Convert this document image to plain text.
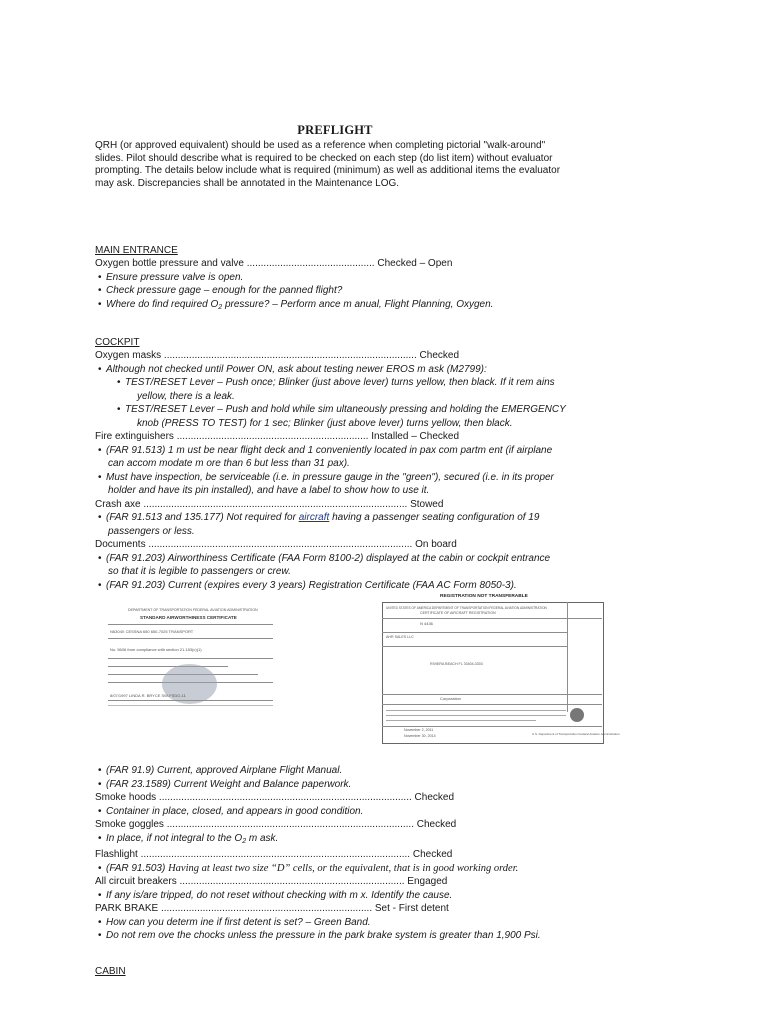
PREFLIGHT

QRH (or approved equivalent) should be used as a reference when completing pictorial "walk-around"

slides. Pilot should describe what is required to be checked on each step (do list item) without evaluator

prompting. The details below include what is required (minimum) as well as additional items the evaluator

may ask. Discrepancies shall be annotated in the Maintenance LOG.

MAIN ENTRANCE
Oxygen bottle pressure and valve .............................................. Checked – Open
• Ensure pressure valve is open.
• Check pressure gage – enough for the panned flight?
• Where do find required $O_2$ pressure? – Perform ance m anual, Flight Planning, Oxygen.
COCKPIT
Oxygen masks ........................................................................................... Checked
• Although not checked until Power ON, ask about testing newer EROS m ask (M2799):
• TEST/RESET Lever – Push once; Blinker (just above lever) turns yellow, then black. If it rem ains
yellow, there is a leak.
• TEST/RESET Lever – Push and hold while sim ultaneously pressing and holding the EMERGENCY
knob (PRESS TO TEST) for 1 sec; Blinker (just above lever) turns yellow, then black.
Fire extinguishers ..................................................................... Installed – Checked
• (FAR 91.513) 1 m ust be near flight deck and 1 conveniently located in pax com partm ent (if airplane
can accom modate m ore than 6 but less than 31 pax).
• Must have inspection, be serviceable (i.e. in pressure gauge in the "green"), secured (i.e. in its proper
holder and have its pin installed), and have a label to show how to use it.
Crash axe ............................................................................................... Stowed
• (FAR 91.513 and 135.177) Not required for aircraft having a passenger seating configuration of 19
passengers or less.
Documents ............................................................................................... On board
• (FAR 91.203) Airworthiness Certificate (FAA Form 8100-2) displayed at the cabin or cockpit entrance
so that it is legible to passengers or crew.
• (FAR 91.203) Current (expires every 3 years) Registration Certificate (FAA AC Form 8050-3).
• (FAR 91.9) Current, approved Airplane Flight Manual.
• (FAR 23.1589) Current Weight and Balance paperwork.
Smoke hoods ........................................................................................... Checked
• Container in place, closed, and appears in good condition.
Smoke goggles ......................................................................................... Checked
• In place, if not integral to the $O_2$ m ask.
Flashlight ................................................................................................. Checked
• (FAR 91.503) Having at least two size “D” cells, or the equivalent, that is in good working order.
All circuit breakers ................................................................................. Engaged
• If any is/are tripped, do not reset without checking with m x. Identify the cause.
PARK BRAKE ............................................................................ Set - First detent
• How can you determ ine if first detent is set? – Green Band.
• Do not rem ove the chocks unless the pressure in the park brake system is greater than 1,900 Psi.
CABIN
DEPARTMENT OF TRANSPORTATION FEDERAL AVIATION ADMINISTRATION
STANDARD AIRWORTHINESS CERTIFICATE
N6304X CESSNA 650 650-7025 TRANSPORT
No. 5606 from compliance with section 21.183(c)(1)
8/07/1997 LINDA R. BRYCE SW-FSDO-11
REGISTRATION NOT TRANSFERABLE
UNITED STATES OF AMERICA DEPARTMENT OF TRANSPORTATION FEDERAL AVIATION ADMINISTRATION
CERTIFICATE OF AIRCRAFT REGISTRATION
N 4436
AHR SALES LLC
RIVIERA BEACH FL 33404-3303
Corporation
November 2, 2011
November 30, 2014	U.S. Department of Transportation Federal Aviation Administration
